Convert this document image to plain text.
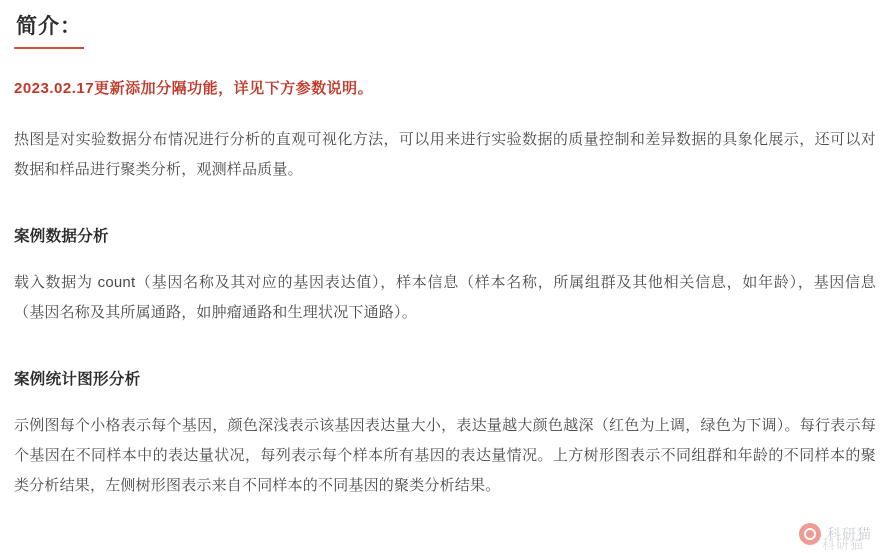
简介：
2023.02.17更新添加分隔功能，详见下方参数说明。
热图是对实验数据分布情况进行分析的直观可视化方法，可以用来进行实验数据的质量控制和差异数据的具象化展示，还可以对数据和样品进行聚类分析，观测样品质量。
案例数据分析
载入数据为 count（基因名称及其对应的基因表达值），样本信息（样本名称，所属组群及其他相关信息，如年龄），基因信息（基因名称及其所属通路，如肿瘤通路和生理状况下通路）。
案例统计图形分析
示例图每个小格表示每个基因，颜色深浅表示该基因表达量大小，表达量越大颜色越深（红色为上调，绿色为下调）。每行表示每个基因在不同样本中的表达量状况，每列表示每个样本所有基因的表达量情况。上方树形图表示不同组群和年龄的不同样本的聚类分析结果，左侧树形图表示来自不同样本的不同基因的聚类分析结果。
科研猫
科研猫
